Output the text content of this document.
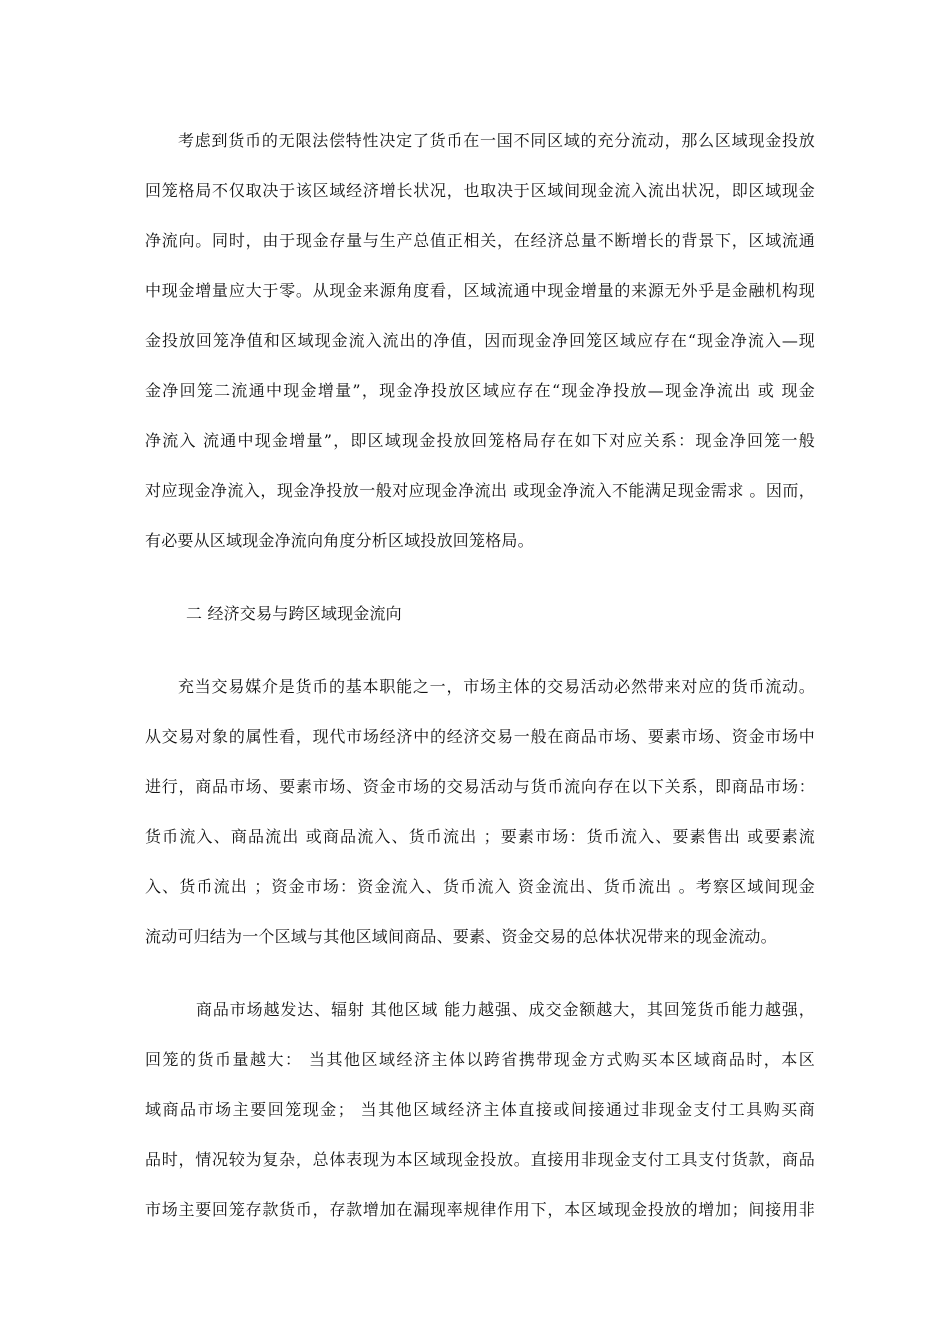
考虑到货币的无限法偿特性决定了货币在一国不同区域的充分流动，那么区域现金投放
回笼格局不仅取决于该区域经济增长状况，也取决于区域间现金流入流出状况，即区域现金
净流向。同时，由于现金存量与生产总值正相关，在经济总量不断增长的背景下，区域流通
中现金增量应大于零。从现金来源角度看，区域流通中现金增量的来源无外乎是金融机构现
金投放回笼净值和区域现金流入流出的净值，因而现金净回笼区域应存在“现金净流入—现
金净回笼二流通中现金增量”，现金净投放区域应存在“现金净投放—现金净流出 或 现金
净流入 流通中现金增量”，即区域现金投放回笼格局存在如下对应关系：现金净回笼一般
对应现金净流入，现金净投放一般对应现金净流出 或现金净流入不能满足现金需求 。因而，
有必要从区域现金净流向角度分析区域投放回笼格局。
二 经济交易与跨区域现金流向
充当交易媒介是货币的基本职能之一，市场主体的交易活动必然带来对应的货币流动。
从交易对象的属性看，现代市场经济中的经济交易一般在商品市场、要素市场、资金市场中
进行，商品市场、要素市场、资金市场的交易活动与货币流向存在以下关系，即商品市场：
货币流入、商品流出 或商品流入、货币流出 ；要素市场：货币流入、要素售出 或要素流
入、货币流出 ；资金市场：资金流入、货币流入 资金流出、货币流出 。考察区域间现金
流动可归结为一个区域与其他区域间商品、要素、资金交易的总体状况带来的现金流动。
商品市场越发达、辐射 其他区域 能力越强、成交金额越大，其回笼货币能力越强，
回笼的货币量越大： 当其他区域经济主体以跨省携带现金方式购买本区域商品时，本区
域商品市场主要回笼现金； 当其他区域经济主体直接或间接通过非现金支付工具购买商
品时，情况较为复杂，总体表现为本区域现金投放。直接用非现金支付工具支付货款，商品
市场主要回笼存款货币，存款增加在漏现率规律作用下，本区域现金投放的增加；间接用非
